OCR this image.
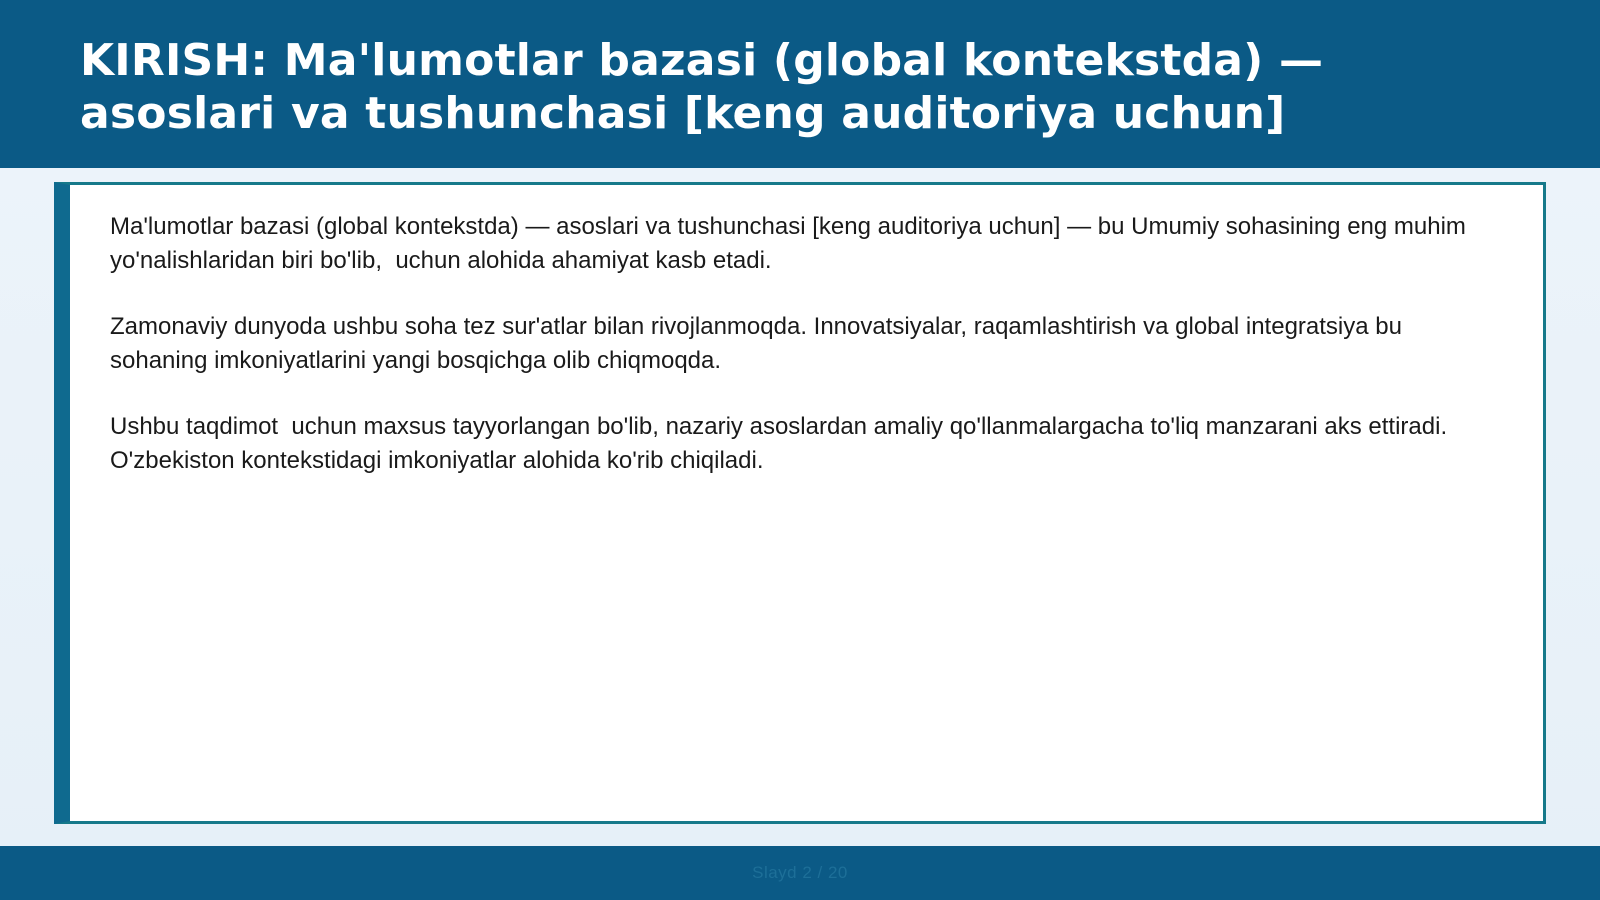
KIRISH: Ma'lumotlar bazasi (global kontekstda) — asoslari va tushunchasi [keng auditoriya uchun]

Ma'lumotlar bazasi (global kontekstda) — asoslari va tushunchasi [keng auditoriya uchun] — bu Umumiy sohasining eng muhim yo'nalishlaridan biri bo'lib,  uchun alohida ahamiyat kasb etadi.

Zamonaviy dunyoda ushbu soha tez sur'atlar bilan rivojlanmoqda. Innovatsiyalar, raqamlashtirish va global integratsiya bu sohaning imkoniyatlarini yangi bosqichga olib chiqmoqda.

Ushbu taqdimot  uchun maxsus tayyorlangan bo'lib, nazariy asoslardan amaliy qo'llanmalargacha to'liq manzarani aks ettiradi. O'zbekiston kontekstidagi imkoniyatlar alohida ko'rib chiqiladi.

Slayd 2 / 20
